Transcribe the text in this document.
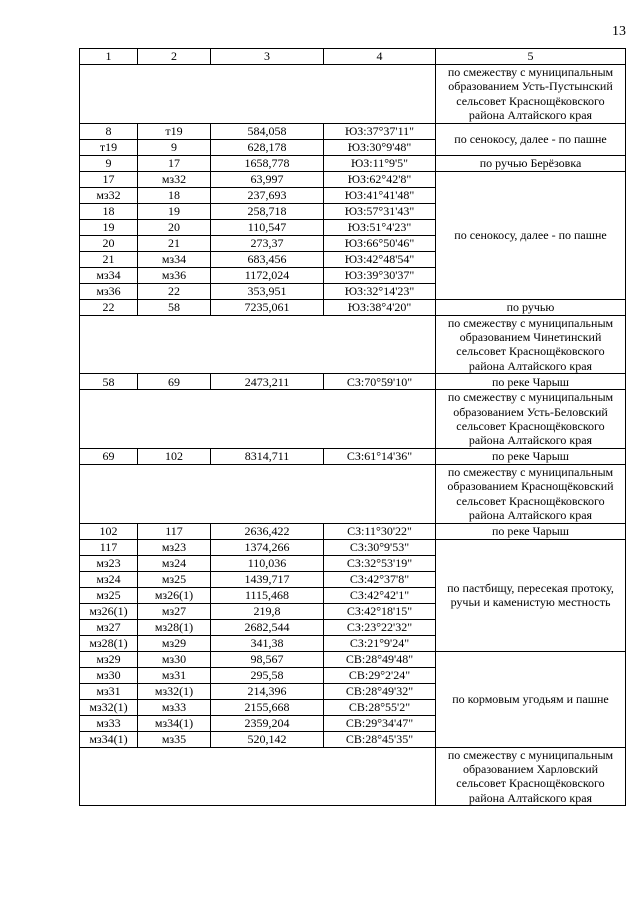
13
1	2	3	4	5
				по смежеству с муниципальным образованием Усть-Пустынский сельсовет Краснощёковского района Алтайского края
8	т19	584,058	ЮЗ:37°37'11"	по сенокосу, далее - по пашне
т19	9	628,178	ЮЗ:30°9'48"	
9	17	1658,778	ЮЗ:11°9'5"	по ручью Берёзовка
17	мз32	63,997	ЮЗ:62°42'8"	по сенокосу, далее - по пашне
мз32	18	237,693	ЮЗ:41°41'48"	
18	19	258,718	ЮЗ:57°31'43"	
19	20	110,547	ЮЗ:51°4'23"	
20	21	273,37	ЮЗ:66°50'46"	
21	мз34	683,456	ЮЗ:42°48'54"	
мз34	мз36	1172,024	ЮЗ:39°30'37"	
мз36	22	353,951	ЮЗ:32°14'23"	
22	58	7235,061	ЮЗ:38°4'20"	по ручью
				по смежеству с муниципальным образованием Чинетинский сельсовет Краснощёковского района Алтайского края
58	69	2473,211	СЗ:70°59'10"	по реке Чарыш
				по смежеству с муниципальным образованием Усть-Беловский сельсовет Краснощёковского района Алтайского края
69	102	8314,711	СЗ:61°14'36"	по реке Чарыш
				по смежеству с муниципальным образованием Краснощёковский сельсовет Краснощёковского района Алтайского края
102	117	2636,422	СЗ:11°30'22"	по реке Чарыш
117	мз23	1374,266	СЗ:30°9'53"	по пастбищу, пересекая протоку, ручьи и каменистую местность
мз23	мз24	110,036	СЗ:32°53'19"	
мз24	мз25	1439,717	СЗ:42°37'8"	
мз25	мз26(1)	1115,468	СЗ:42°42'1"	
мз26(1)	мз27	219,8	СЗ:42°18'15"	
мз27	мз28(1)	2682,544	СЗ:23°22'32"	
мз28(1)	мз29	341,38	СЗ:21°9'24"	
мз29	мз30	98,567	СВ:28°49'48"	по кормовым угодьям и пашне
мз30	мз31	295,58	СВ:29°2'24"	
мз31	мз32(1)	214,396	СВ:28°49'32"	
мз32(1)	мз33	2155,668	СВ:28°55'2"	
мз33	мз34(1)	2359,204	СВ:29°34'47"	
мз34(1)	мз35	520,142	СВ:28°45'35"	
				по смежеству с муниципальным образованием Харловский сельсовет Краснощёковского района Алтайского края
